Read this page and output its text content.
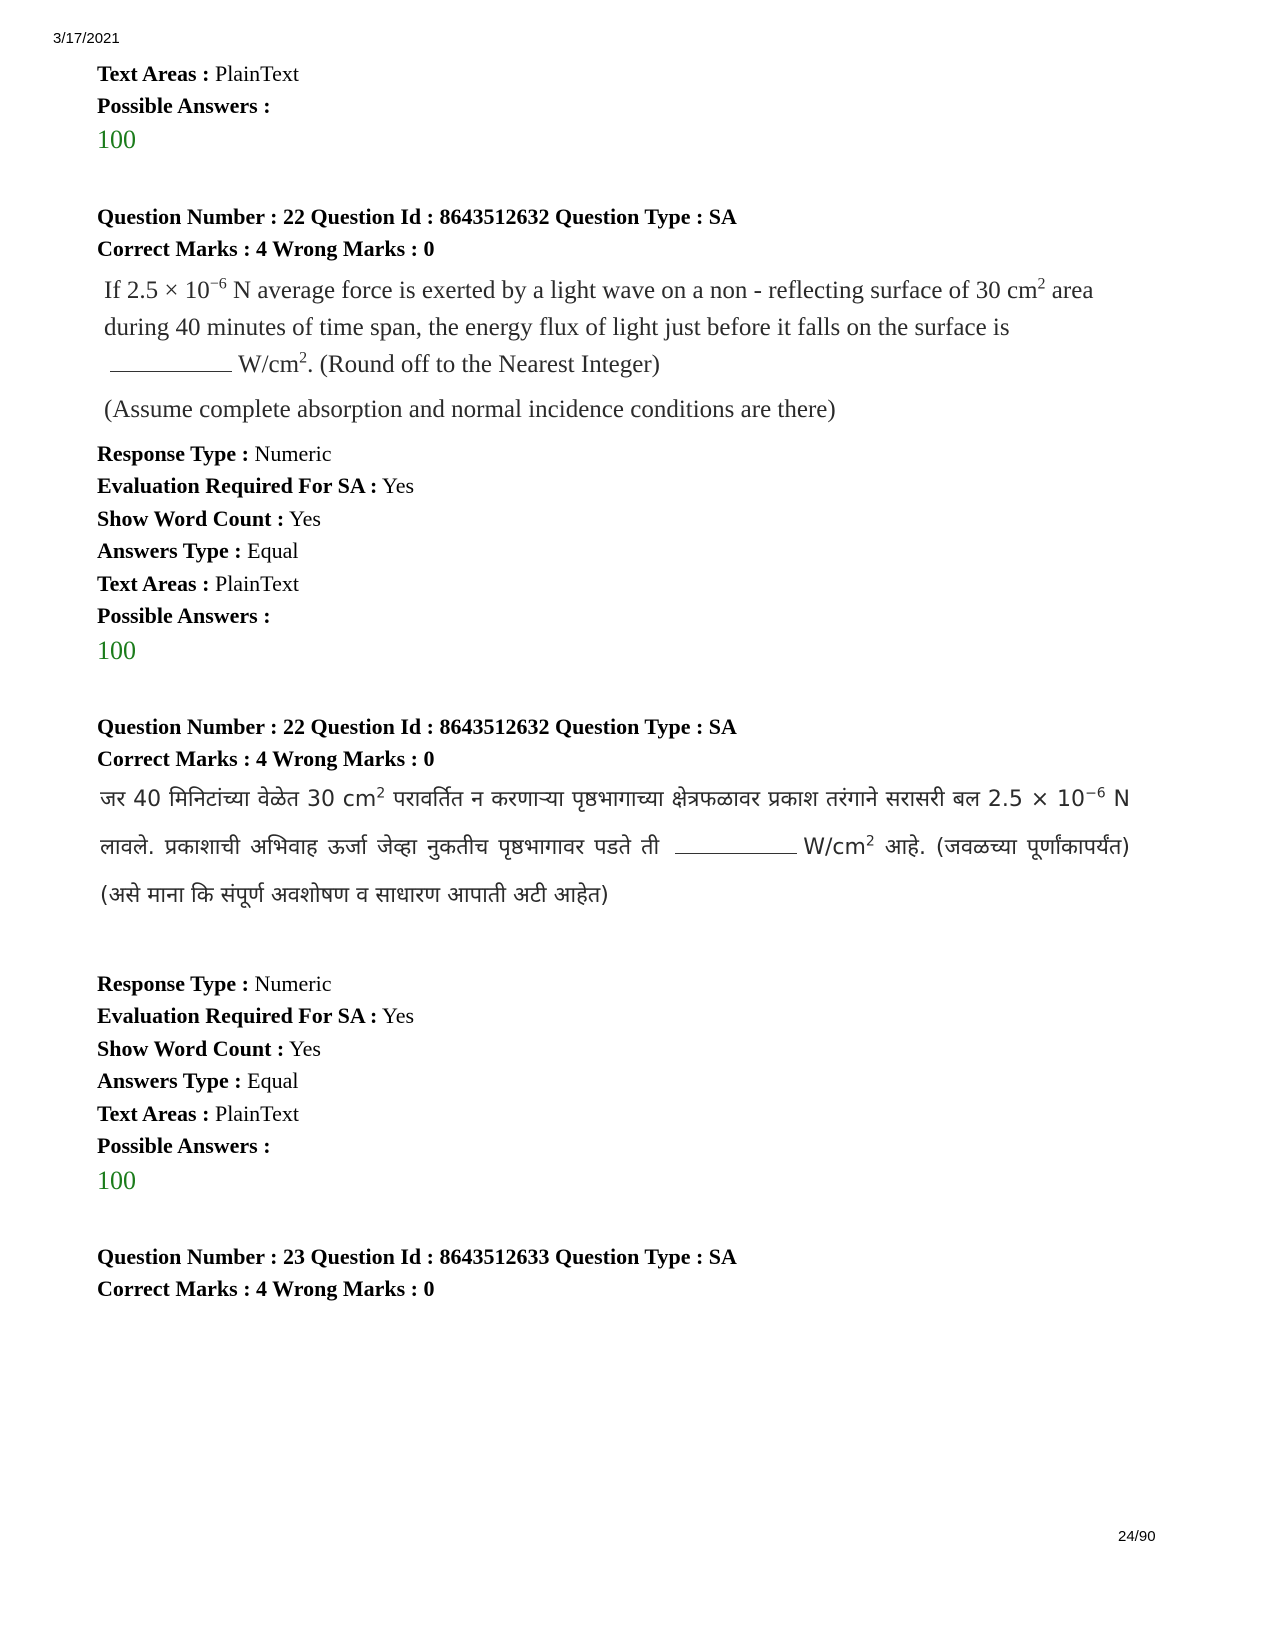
3/17/2021
Text Areas : PlainText
Possible Answers :
100
Question Number : 22 Question Id : 8643512632 Question Type : SA
Correct Marks : 4 Wrong Marks : 0
If $2.5 \times 10^{-6}$ N average force is exerted by a light wave on a non - reflecting surface of 30 $cm^2$ area during 40 minutes of time span, the energy flux of light just before it falls on the surface isW/$cm^2$. (Round off to the Nearest Integer)
(Assume complete absorption and normal incidence conditions are there)
Response Type : Numeric
Evaluation Required For SA : Yes
Show Word Count : Yes
Answers Type : Equal
Text Areas : PlainText
Possible Answers :
100
Question Number : 22 Question Id : 8643512632 Question Type : SA
Correct Marks : 4 Wrong Marks : 0
जर 40 मिनिटांच्या वेळेत 30 $cm^2$ परावर्तित न करणाऱ्या पृष्ठभागाच्या क्षेत्रफळावर प्रकाश तरंगाने सरासरी बल $2.5 \times 10^{-6}$ N लावले. प्रकाशाची अभिवाह ऊर्जा जेव्हा नुकतीच पृष्ठभागावर पडते ती	$W/cm^2$ आहे. (जवळच्या पूर्णांकापर्यंत) (असे माना कि संपूर्ण अवशोषण व साधारण आपाती अटी आहेत)
Response Type : Numeric
Evaluation Required For SA : Yes
Show Word Count : Yes
Answers Type : Equal
Text Areas : PlainText
Possible Answers :
100
Question Number : 23 Question Id : 8643512633 Question Type : SA
Correct Marks : 4 Wrong Marks : 0
24/90
